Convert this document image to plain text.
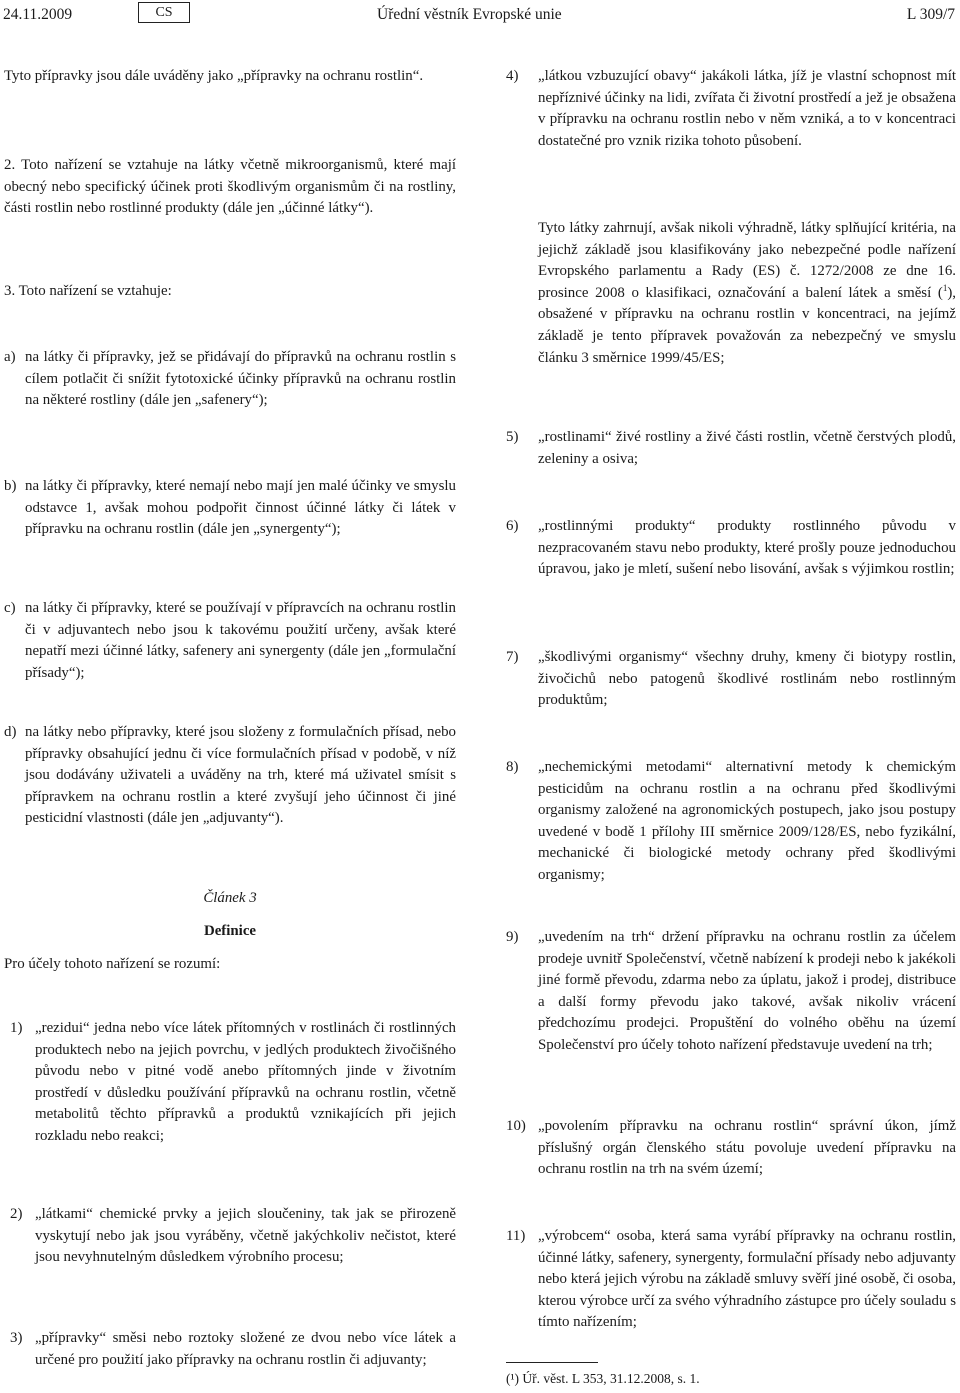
24.11.2009	CS	Úřední věstník Evropské unie	L 309/7

Tyto přípravky jsou dále uváděny jako „přípravky na ochranu rostlin“.

2. Toto nařízení se vztahuje na látky včetně mikroorganismů, které mají obecný nebo specifický účinek proti škodlivým organismům či na rostliny, části rostlin nebo rostlinné produkty (dále jen „účinné látky“).

3. Toto nařízení se vztahuje:

a) na látky či přípravky, jež se přidávají do přípravků na ochranu rostlin s cílem potlačit či snížit fytotoxické účinky přípravků na ochranu rostlin na některé rostliny (dále jen „safenery“);
b) na látky či přípravky, které nemají nebo mají jen malé účinky ve smyslu odstavce 1, avšak mohou podpořit činnost účinné látky či látek v přípravku na ochranu rostlin (dále jen „synergenty“);
c) na látky či přípravky, které se používají v přípravcích na ochranu rostlin či v adjuvantech nebo jsou k takovému použití určeny, avšak které nepatří mezi účinné látky, safenery ani synergenty (dále jen „formulační přísady“);
d) na látky nebo přípravky, které jsou složeny z formulačních přísad, nebo přípravky obsahující jednu či více formulačních přísad v podobě, v níž jsou dodávány uživateli a uváděny na trh, které má uživatel smísit s přípravkem na ochranu rostlin a které zvyšují jeho účinnost či jiné pesticidní vlastnosti (dále jen „adjuvanty“).
Článek 3
Definice

Pro účely tohoto nařízení se rozumí:

1) „rezidui“ jedna nebo více látek přítomných v rostlinách či rostlinných produktech nebo na jejich povrchu, v jedlých produktech živočišného původu nebo v pitné vodě anebo přítomných jinde v životním prostředí v důsledku používání přípravků na ochranu rostlin, včetně metabolitů těchto přípravků a produktů vznikajících při jejich rozkladu nebo reakci;
2) „látkami“ chemické prvky a jejich sloučeniny, tak jak se přirozeně vyskytují nebo jak jsou vyráběny, včetně jakýchkoliv nečistot, které jsou nevyhnutelným důsledkem výrobního procesu;
3) „přípravky“ směsi nebo roztoky složené ze dvou nebo více látek a určené pro použití jako přípravky na ochranu rostlin či adjuvanty;
4) „látkou vzbuzující obavy“ jakákoli látka, jíž je vlastní schopnost mít nepříznivé účinky na lidi, zvířata či životní prostředí a jež je obsažena v přípravku na ochranu rostlin nebo v něm vzniká, a to v koncentraci dostatečné pro vznik rizika tohoto působení.
Tyto látky zahrnují, avšak nikoli výhradně, látky splňující kritéria, na jejichž základě jsou klasifikovány jako nebezpečné podle nařízení Evropského parlamentu a Rady (ES) č. 1272/2008 ze dne 16. prosince 2008 o klasifikaci, označování a balení látek a směsí ($^1$), obsažené v přípravku na ochranu rostlin v koncentraci, na jejímž základě je tento přípravek považován za nebezpečný ve smyslu článku 3 směrnice 1999/45/ES;
5) „rostlinami“ živé rostliny a živé části rostlin, včetně čerstvých plodů, zeleniny a osiva;
6) „rostlinnými produkty“ produkty rostlinného původu v nezpracovaném stavu nebo produkty, které prošly pouze jednoduchou úpravou, jako je mletí, sušení nebo lisování, avšak s výjimkou rostlin;
7) „škodlivými organismy“ všechny druhy, kmeny či biotypy rostlin, živočichů nebo patogenů škodlivé rostlinám nebo rostlinným produktům;
8) „nechemickými metodami“ alternativní metody k chemickým pesticidům na ochranu rostlin a na ochranu před škodlivými organismy založené na agronomických postupech, jako jsou postupy uvedené v bodě 1 přílohy III směrnice 2009/128/ES, nebo fyzikální, mechanické či biologické metody ochrany před škodlivými organismy;
9) „uvedením na trh“ držení přípravku na ochranu rostlin za účelem prodeje uvnitř Společenství, včetně nabízení k prodeji nebo k jakékoli jiné formě převodu, zdarma nebo za úplatu, jakož i prodej, distribuce a další formy převodu jako takové, avšak nikoliv vrácení předchozímu prodejci. Propuštění do volného oběhu na území Společenství pro účely tohoto nařízení představuje uvedení na trh;
10) „povolením přípravku na ochranu rostlin“ správní úkon, jímž příslušný orgán členského státu povoluje uvedení přípravku na ochranu rostlin na trh na svém území;
11) „výrobcem“ osoba, která sama vyrábí přípravky na ochranu rostlin, účinné látky, safenery, synergenty, formulační přísady nebo adjuvanty nebo která jejich výrobu na základě smluvy svěří jiné osobě, či osoba, kterou výrobce určí za svého výhradního zástupce pro účely souladu s tímto nařízením;
(¹) Úř. věst. L 353, 31.12.2008, s. 1.
